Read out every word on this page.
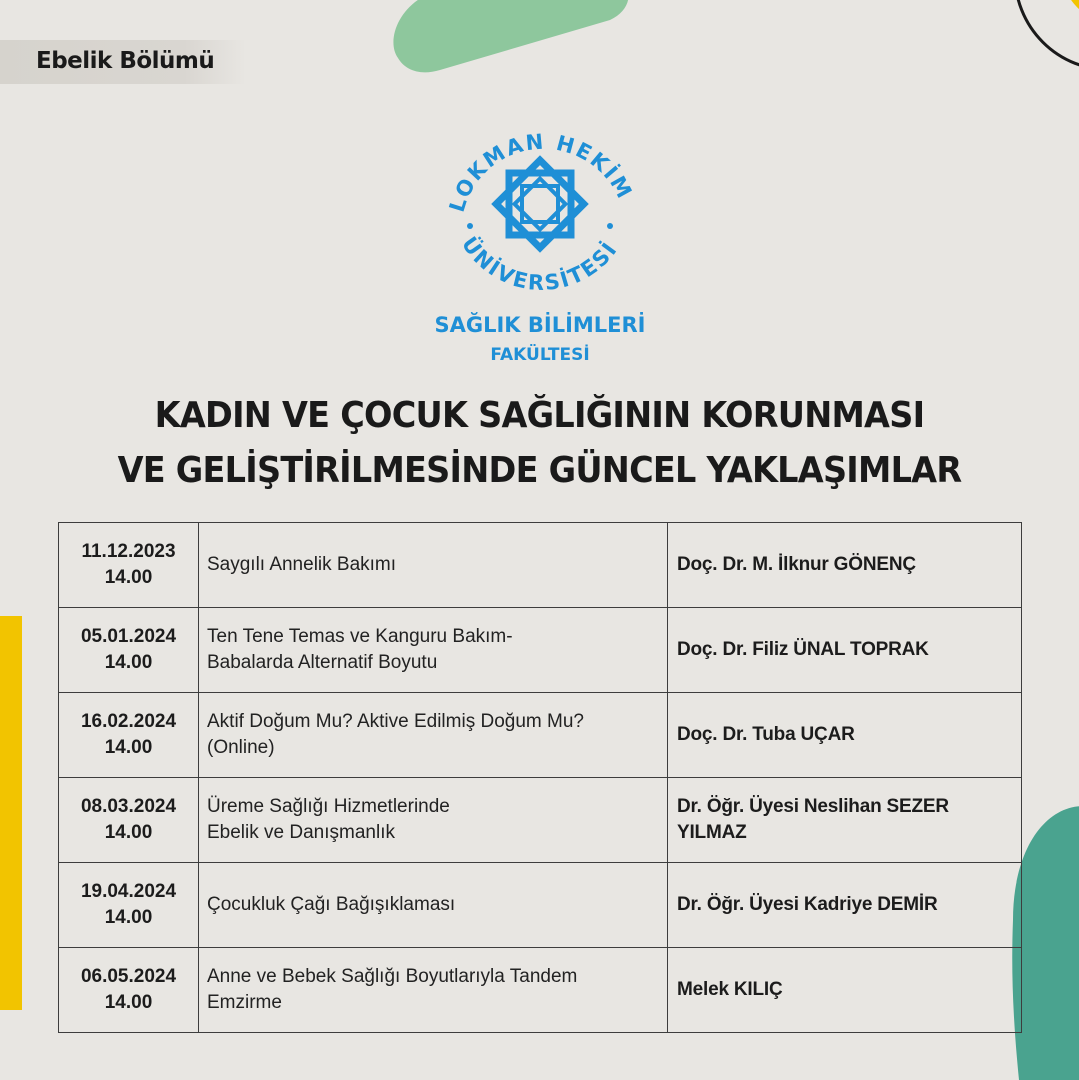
Ebelik Bölümü
LOKMAN HEKİM
ÜNİVERSİTESİ
SAĞLIK BİLİMLERİ
FAKÜLTESİ
KADIN VE ÇOCUK SAĞLIĞININ KORUNMASI
VE GELİŞTİRİLMESİNDE GÜNCEL YAKLAŞIMLAR
11.12.2023
14.00	Saygılı Annelik Bakımı	Doç. Dr. M. İlknur GÖNENÇ

05.01.2024
14.00	Ten Tene Temas ve Kanguru Bakım-
Babalarda Alternatif Boyutu	Doç. Dr. Filiz ÜNAL TOPRAK

16.02.2024
14.00	Aktif Doğum Mu? Aktive Edilmiş Doğum Mu?
(Online)	Doç. Dr. Tuba UÇAR

08.03.2024
14.00	Üreme Sağlığı Hizmetlerinde
Ebelik ve Danışmanlık	Dr. Öğr. Üyesi Neslihan SEZER YILMAZ

19.04.2024
14.00	Çocukluk Çağı Bağışıklaması	Dr. Öğr. Üyesi Kadriye DEMİR

06.05.2024
14.00	Anne ve Bebek Sağlığı Boyutlarıyla Tandem
Emzirme	Melek KILIÇ
